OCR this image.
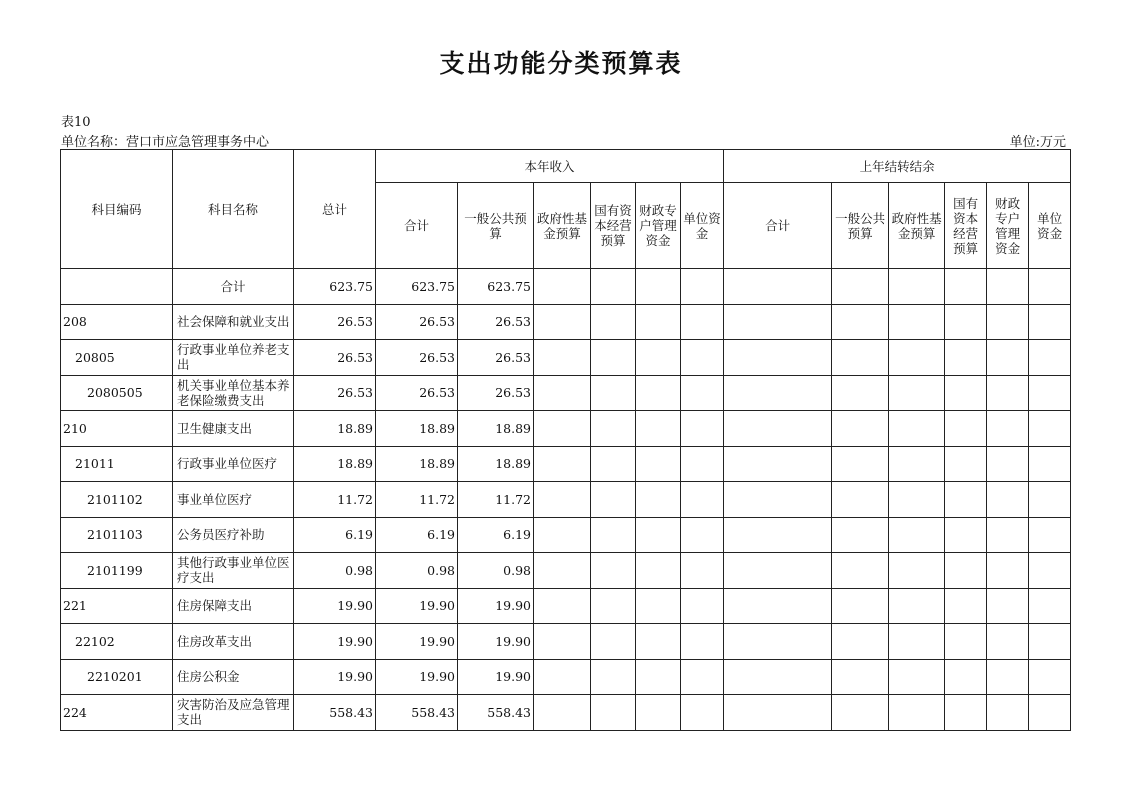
支出功能分类预算表
表10
单位名称：营口市应急管理事务中心	单位:万元
科目编码	科目名称	总计	本年收入						上年结转结余					
			合计	一般公共预算	政府性基金预算	国有资本经营预算	财政专户管理资金	单位资金	合计	一般公共预算	政府性基金预算	国有资本经营预算	财政专户管理资金	单位资金
	合计	623.75	623.75	623.75										
208	社会保障和就业支出	26.53	26.53	26.53										
20805	行政事业单位养老支出	26.53	26.53	26.53										
2080505	机关事业单位基本养老保险缴费支出	26.53	26.53	26.53										
210	卫生健康支出	18.89	18.89	18.89										
21011	行政事业单位医疗	18.89	18.89	18.89										
2101102	事业单位医疗	11.72	11.72	11.72										
2101103	公务员医疗补助	6.19	6.19	6.19										
2101199	其他行政事业单位医疗支出	0.98	0.98	0.98										
221	住房保障支出	19.90	19.90	19.90										
22102	住房改革支出	19.90	19.90	19.90										
2210201	住房公积金	19.90	19.90	19.90										
224	灾害防治及应急管理支出	558.43	558.43	558.43										
